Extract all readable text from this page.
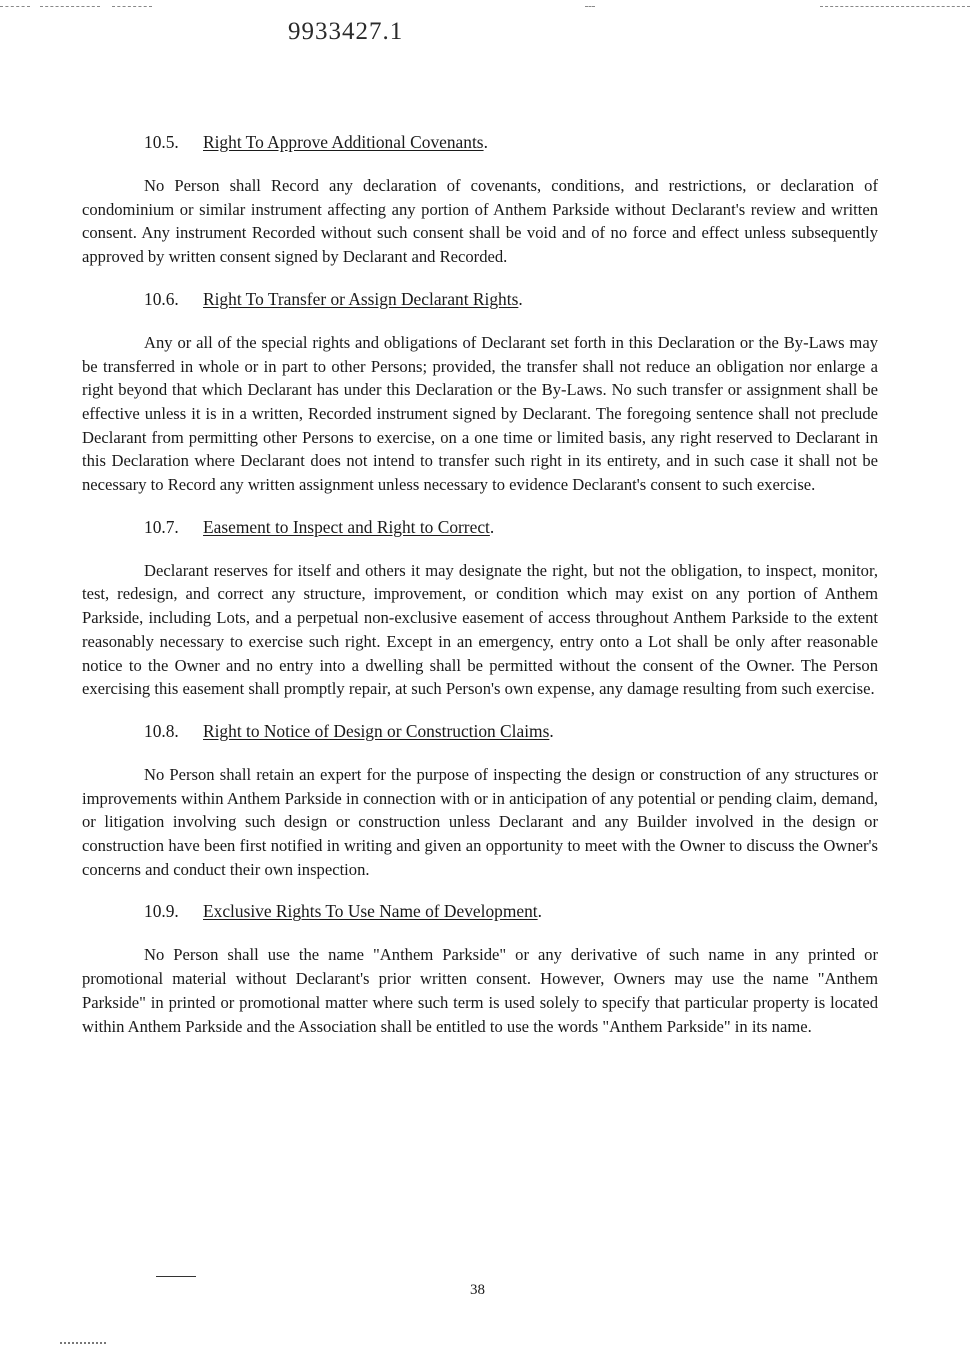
9933427.1
10.5. Right To Approve Additional Covenants.

No Person shall Record any declaration of covenants, conditions, and restrictions, or declaration of condominium or similar instrument affecting any portion of Anthem Parkside without Declarant's review and written consent. Any instrument Recorded without such consent shall be void and of no force and effect unless subsequently approved by written consent signed by Declarant and Recorded.

10.6. Right To Transfer or Assign Declarant Rights.

Any or all of the special rights and obligations of Declarant set forth in this Declaration or the By-Laws may be transferred in whole or in part to other Persons; provided, the transfer shall not reduce an obligation nor enlarge a right beyond that which Declarant has under this Declaration or the By-Laws. No such transfer or assignment shall be effective unless it is in a written, Recorded instrument signed by Declarant. The foregoing sentence shall not preclude Declarant from permitting other Persons to exercise, on a one time or limited basis, any right reserved to Declarant in this Declaration where Declarant does not intend to transfer such right in its entirety, and in such case it shall not be necessary to Record any written assignment unless necessary to evidence Declarant's consent to such exercise.

10.7. Easement to Inspect and Right to Correct.

Declarant reserves for itself and others it may designate the right, but not the obligation, to inspect, monitor, test, redesign, and correct any structure, improvement, or condition which may exist on any portion of Anthem Parkside, including Lots, and a perpetual non-exclusive easement of access throughout Anthem Parkside to the extent reasonably necessary to exercise such right. Except in an emergency, entry onto a Lot shall be only after reasonable notice to the Owner and no entry into a dwelling shall be permitted without the consent of the Owner. The Person exercising this easement shall promptly repair, at such Person's own expense, any damage resulting from such exercise.

10.8. Right to Notice of Design or Construction Claims.

No Person shall retain an expert for the purpose of inspecting the design or construction of any structures or improvements within Anthem Parkside in connection with or in anticipation of any potential or pending claim, demand, or litigation involving such design or construction unless Declarant and any Builder involved in the design or construction have been first notified in writing and given an opportunity to meet with the Owner to discuss the Owner's concerns and conduct their own inspection.

10.9. Exclusive Rights To Use Name of Development.

No Person shall use the name "Anthem Parkside" or any derivative of such name in any printed or promotional material without Declarant's prior written consent. However, Owners may use the name "Anthem Parkside" in printed or promotional matter where such term is used solely to specify that particular property is located within Anthem Parkside and the Association shall be entitled to use the words "Anthem Parkside" in its name.

38
